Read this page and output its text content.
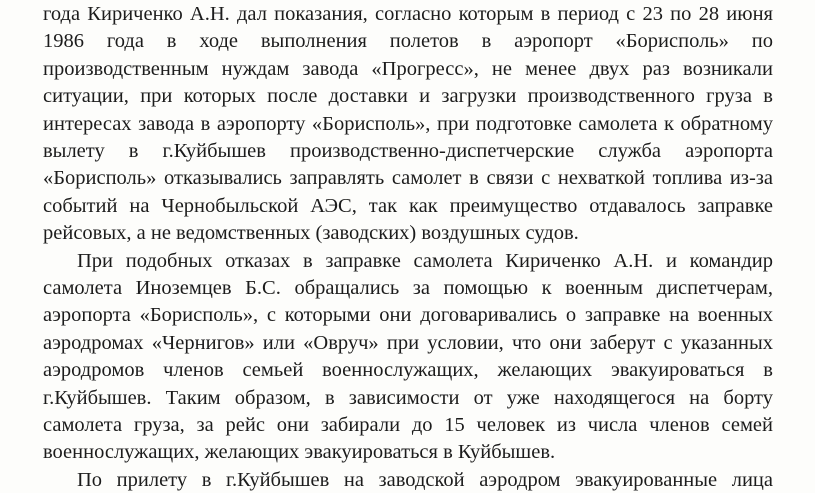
года Кириченко А.Н. дал показания, согласно которым в период с 23 по 28 июня
1986 года в ходе выполнения полетов в аэропорт «Борисполь» по
производственным нуждам завода «Прогресс», не менее двух раз возникали
ситуации, при которых после доставки и загрузки производственного груза в
интересах завода в аэропорту «Борисполь», при подготовке самолета к обратному
вылету в г.Куйбышев производственно-диспетчерские служба аэропорта
«Борисполь» отказывались заправлять самолет в связи с нехваткой топлива из-за
событий на Чернобыльской АЭС, так как преимущество отдавалось заправке
рейсовых, а не ведомственных (заводских) воздушных судов.
При подобных отказах в заправке самолета Кириченко А.Н. и командир
самолета Иноземцев Б.С. обращались за помощью к военным диспетчерам,
аэропорта «Борисполь», с которыми они договаривались о заправке на военных
аэродромах «Чернигов» или «Овруч» при условии, что они заберут с указанных
аэродромов членов семьей военнослужащих, желающих эвакуироваться в
г.Куйбышев. Таким образом, в зависимости от уже находящегося на борту
самолета груза, за рейс они забирали до 15 человек из числа членов семей
военнослужащих, желающих эвакуироваться в Куйбышев.
По прилету в г.Куйбышев на заводской аэродром эвакуированные лица
